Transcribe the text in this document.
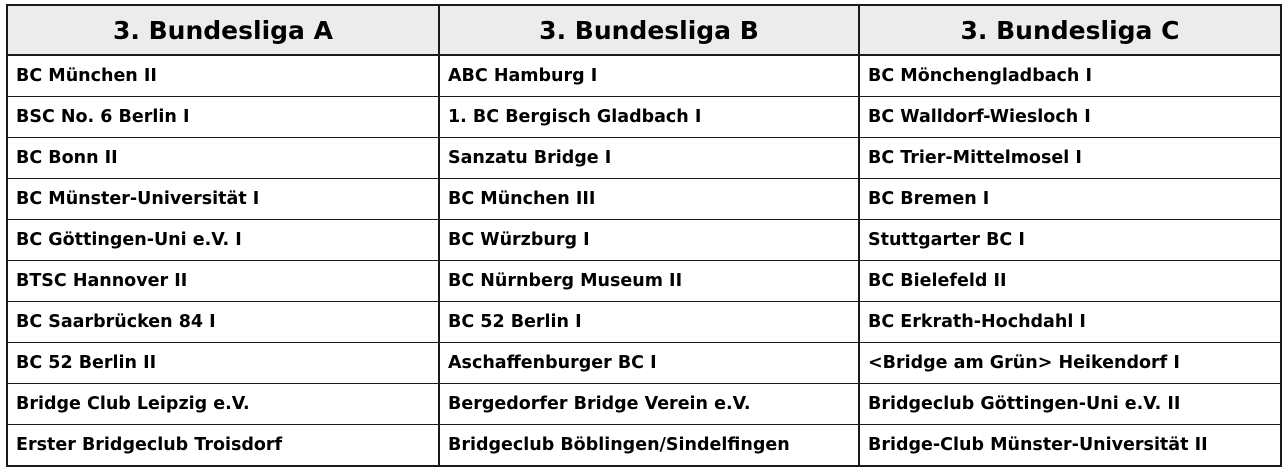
3. Bundesliga A	3. Bundesliga B	3. Bundesliga C
BC München II	ABC Hamburg I	BC Mönchengladbach I
BSC No. 6 Berlin I	1. BC Bergisch Gladbach I	BC Walldorf-Wiesloch I
BC Bonn II	Sanzatu Bridge I	BC Trier-Mittelmosel I
BC Münster-Universität I	BC München III	BC Bremen I
BC Göttingen-Uni e.V. I	BC Würzburg I	Stuttgarter BC I
BTSC Hannover II	BC Nürnberg Museum II	BC Bielefeld II
BC Saarbrücken 84 I	BC 52 Berlin I	BC Erkrath-Hochdahl I
BC 52 Berlin II	Aschaffenburger BC I	<Bridge am Grün> Heikendorf I
Bridge Club Leipzig e.V.	Bergedorfer Bridge Verein e.V.	Bridgeclub Göttingen-Uni e.V. II
Erster Bridgeclub Troisdorf	Bridgeclub Böblingen/Sindelfingen	Bridge-Club Münster-Universität II
